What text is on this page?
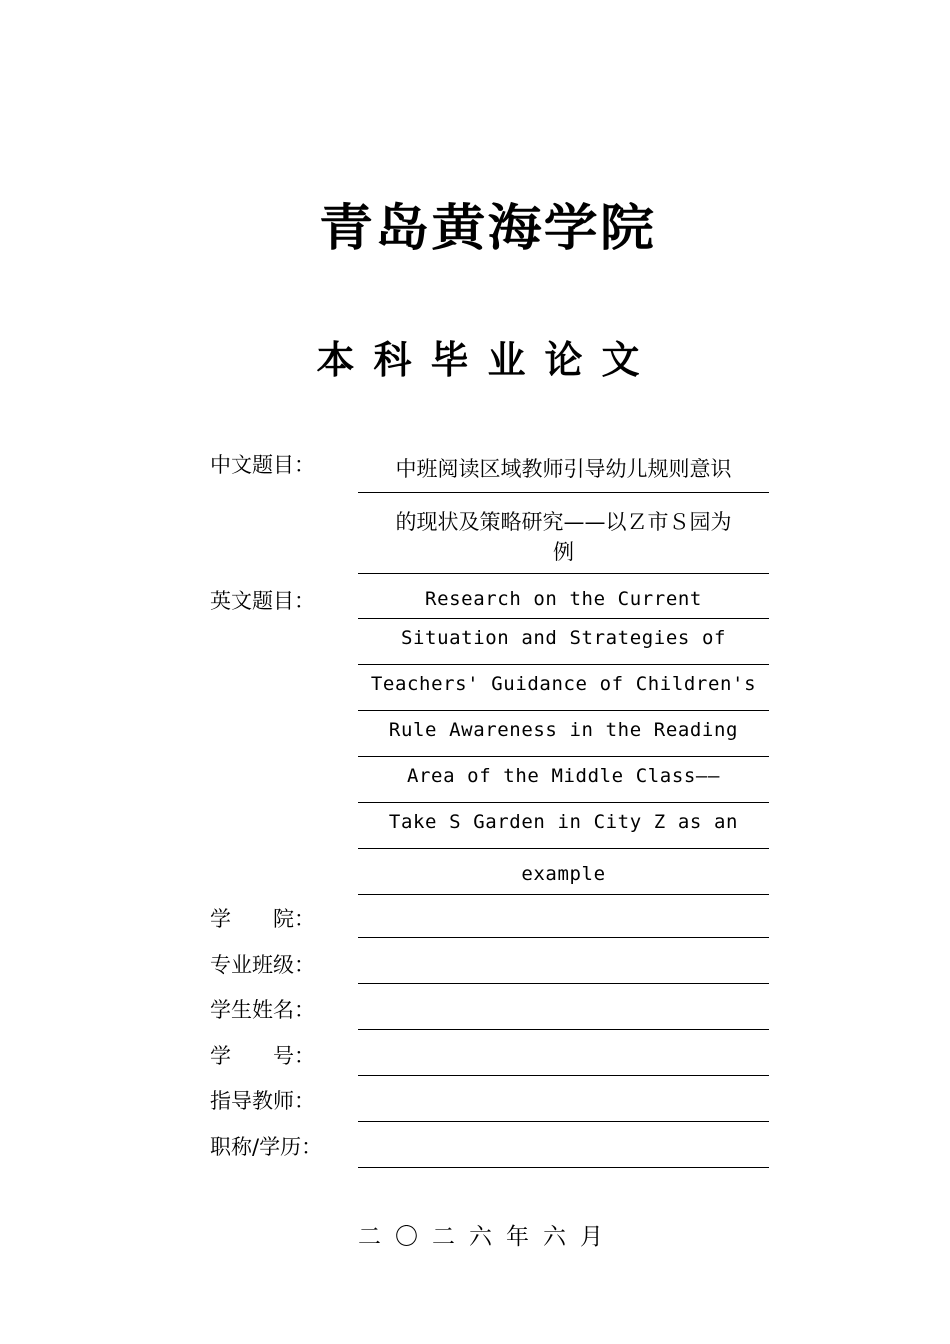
青岛黄海学院
本科毕业论文
中文题目：	中班阅读区域教师引导幼儿规则意识
的现状及策略研究——以Ｚ市Ｓ园为
例
英文题目：	Research on the Current
Situation and Strategies of
Teachers' Guidance of Children's
Rule Awareness in the Reading
Area of the Middle Class——
Take S Garden in City Z as an
example
学　　院：
专业班级：
学生姓名：
学　　号：
指导教师：
职称/学历：
二〇二六年六月
